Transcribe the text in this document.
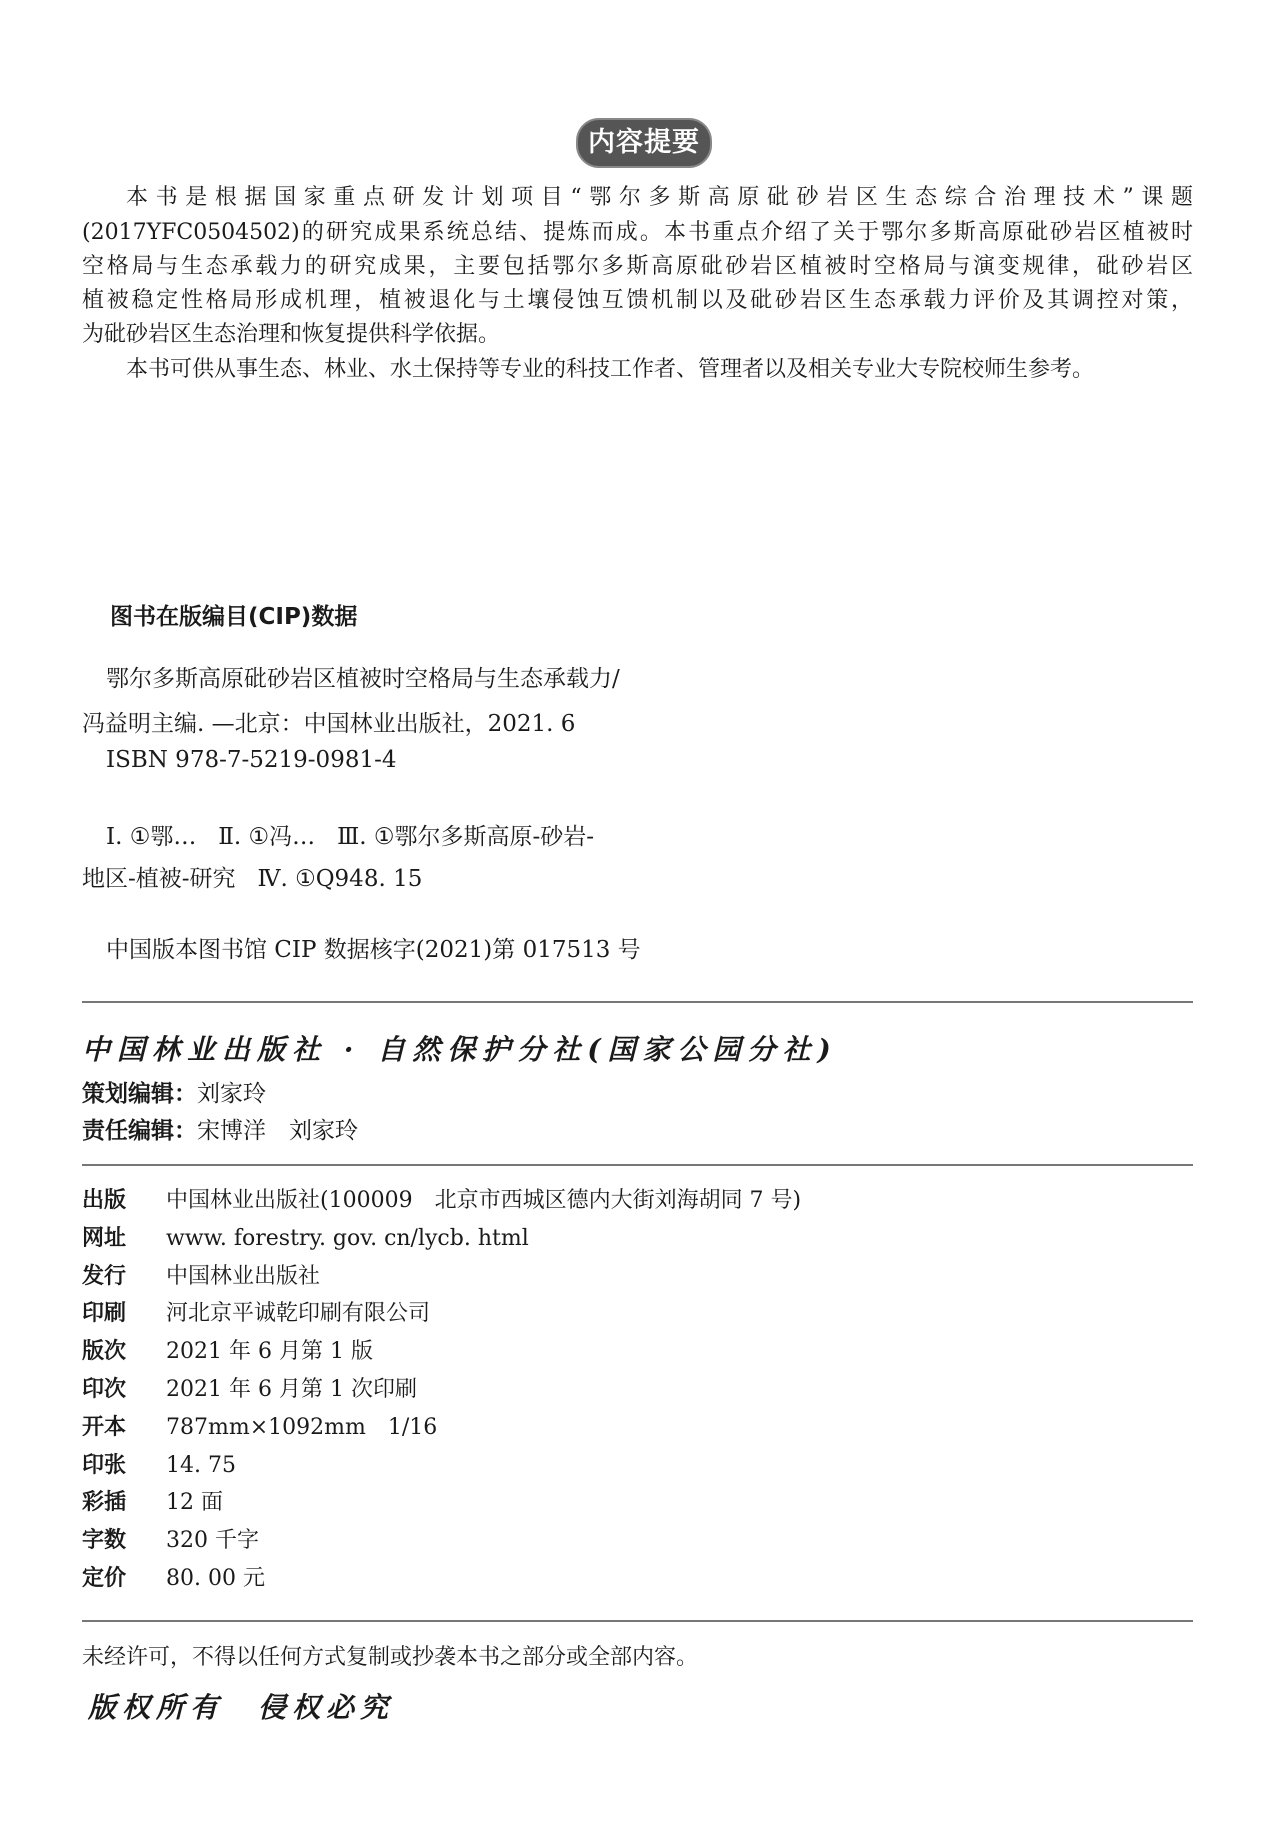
内容提要
本书是根据国家重点研发计划项目“鄂尔多斯高原砒砂岩区生态综合治理技术”课题
(2017YFC0504502)的研究成果系统总结、提炼而成。本书重点介绍了关于鄂尔多斯高原砒砂岩区植被时
空格局与生态承载力的研究成果，主要包括鄂尔多斯高原砒砂岩区植被时空格局与演变规律，砒砂岩区
植被稳定性格局形成机理，植被退化与土壤侵蚀互馈机制以及砒砂岩区生态承载力评价及其调控对策，
为砒砂岩区生态治理和恢复提供科学依据。
本书可供从事生态、林业、水土保持等专业的科技工作者、管理者以及相关专业大专院校师生参考。
图书在版编目(CIP)数据
鄂尔多斯高原砒砂岩区植被时空格局与生态承载力/
冯益明主编. —北京：中国林业出版社，2021. 6
ISBN 978-7-5219-0981-4
Ⅰ. ①鄂…   Ⅱ. ①冯…   Ⅲ. ①鄂尔多斯高原-砂岩-
地区-植被-研究   Ⅳ. ①Q948. 15
中国版本图书馆 CIP 数据核字(2021)第 017513 号
中国林业出版社 · 自然保护分社(国家公园分社)
策划编辑：刘家玲
责任编辑：宋博洋　刘家玲
出版 中国林业出版社(100009　北京市西城区德内大街刘海胡同 7 号)
网址 www. forestry. gov. cn/lycb. html
发行 中国林业出版社
印刷 河北京平诚乾印刷有限公司
版次 2021 年 6 月第 1 版
印次 2021 年 6 月第 1 次印刷
开本 787mm×1092mm　1/16
印张 14. 75
彩插 12 面
字数 320 千字
定价 80. 00 元
未经许可，不得以任何方式复制或抄袭本书之部分或全部内容。
版权所有　侵权必究
